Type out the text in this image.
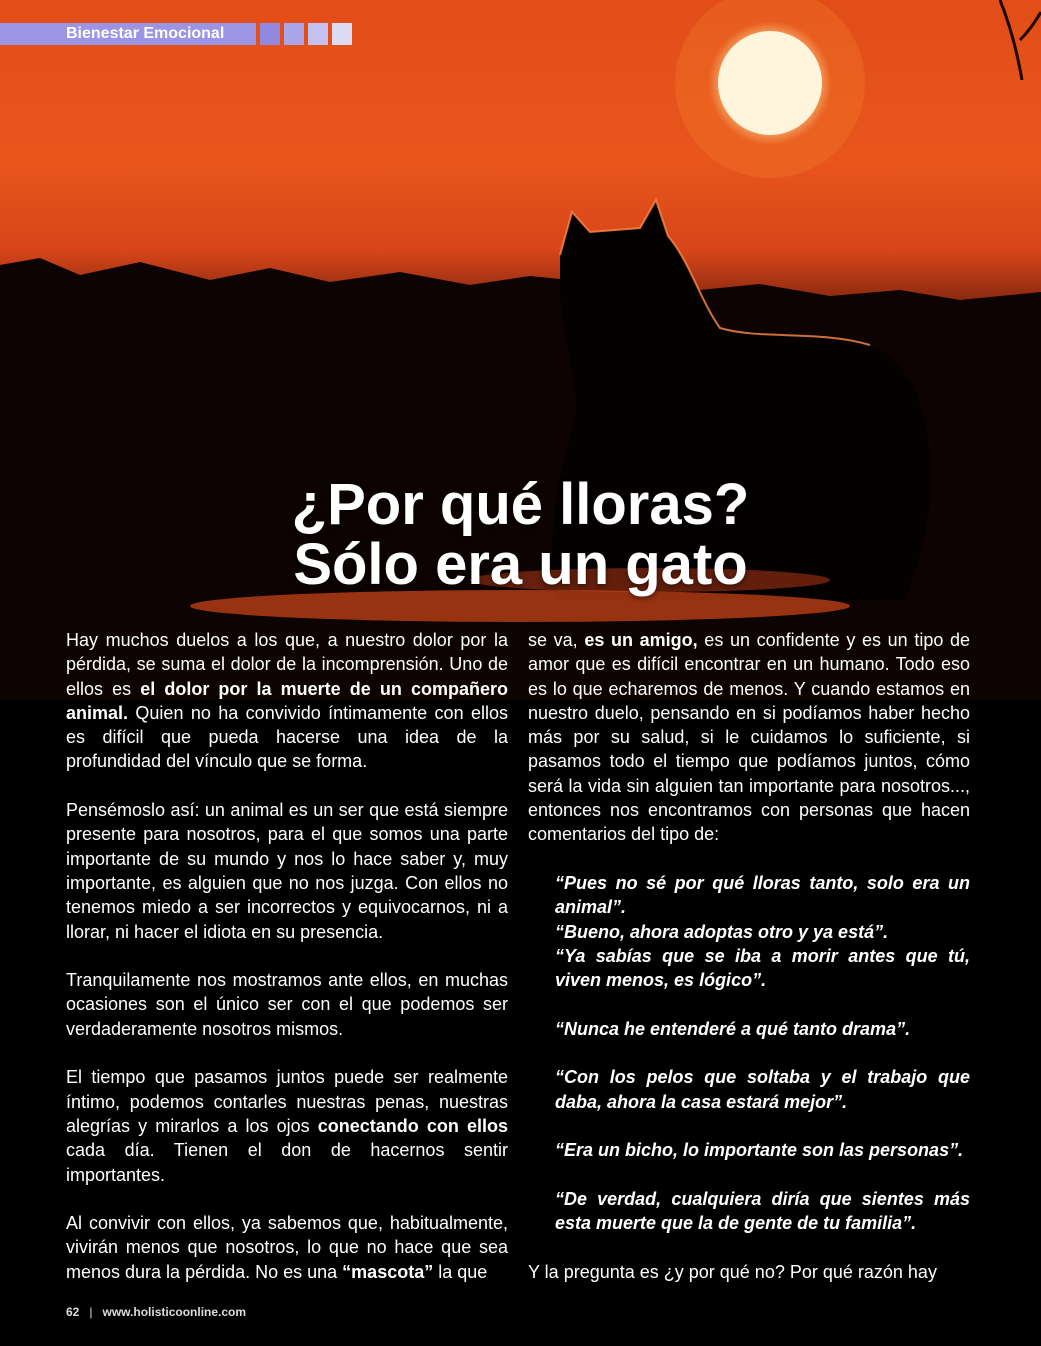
Bienestar Emocional
¿Por qué lloras?
Sólo era un gato

Hay muchos duelos a los que, a nuestro dolor por la pérdida, se suma el dolor de la incomprensión. Uno de ellos es el dolor por la muerte de un compañero animal. Quien no ha convivido íntimamente con ellos es difícil que pueda hacerse una idea de la profundidad del vínculo que se forma.

Pensémoslo así: un animal es un ser que está siempre presente para nosotros, para el que somos una parte importante de su mundo y nos lo hace saber y, muy importante, es alguien que no nos juzga. Con ellos no tenemos miedo a ser incorrectos y equivocarnos, ni a llorar, ni hacer el idiota en su presencia.

Tranquilamente nos mostramos ante ellos, en muchas ocasiones son el único ser con el que podemos ser verdaderamente nosotros mismos.

El tiempo que pasamos juntos puede ser realmente íntimo, podemos contarles nuestras penas, nuestras alegrías y mirarlos a los ojos conectando con ellos cada día. Tienen el don de hacernos sentir importantes.

Al convivir con ellos, ya sabemos que, habitualmente, vivirán menos que nosotros, lo que no hace que sea menos dura la pérdida. No es una “mascota” la que

se va, es un amigo, es un confidente y es un tipo de amor que es difícil encontrar en un humano. Todo eso es lo que echaremos de menos. Y cuando estamos en nuestro duelo, pensando en si podíamos haber hecho más por su salud, si le cuidamos lo suficiente, si pasamos todo el tiempo que podíamos juntos, cómo será la vida sin alguien tan importante para nosotros..., entonces nos encontramos con personas que hacen comentarios del tipo de:

“Pues no sé por qué lloras tanto, solo era un animal”.
“Bueno, ahora adoptas otro y ya está”.
“Ya sabías que se iba a morir antes que tú, viven menos, es lógico”.
“Nunca he entenderé a qué tanto drama”.
“Con los pelos que soltaba y el trabajo que daba, ahora la casa estará mejor”.
“Era un bicho, lo importante son las personas”.
“De verdad, cualquiera diría que sientes más esta muerte que la de gente de tu familia”.

Y la pregunta es ¿y por qué no? Por qué razón hay

62 | www.holisticoonline.com
